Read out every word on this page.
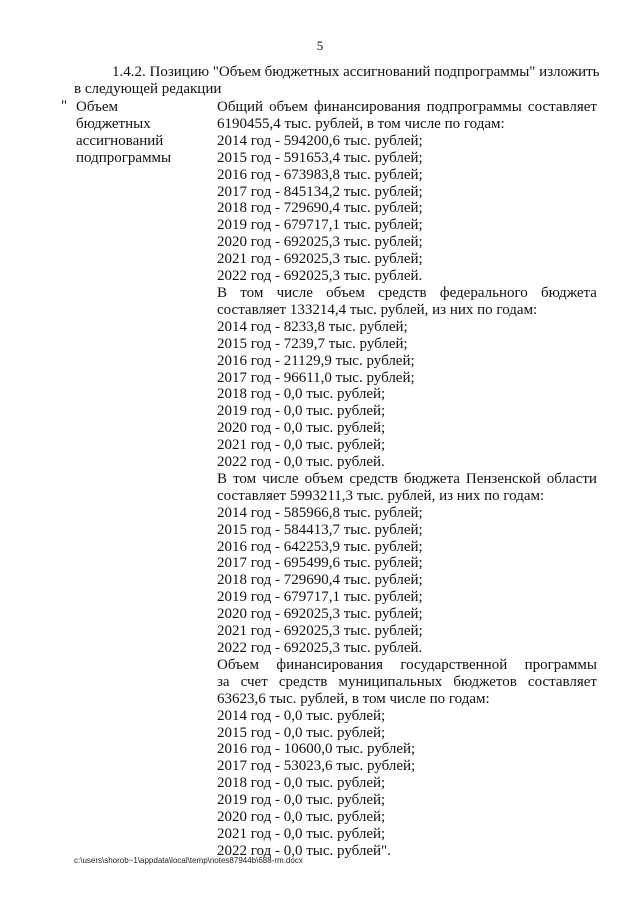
5
1.4.2. Позицию "Объем бюджетных ассигнований подпрограммы" изложить
в следующей редакции
" Объем
бюджетных
ассигнований
подпрограммы
Общий объем финансирования подпрограммы составляет
6190455,4 тыс. рублей, в том числе по годам:
2014 год - 594200,6 тыс. рублей;
2015 год - 591653,4 тыс. рублей;
2016 год - 673983,8 тыс. рублей;
2017 год - 845134,2 тыс. рублей;
2018 год - 729690,4 тыс. рублей;
2019 год - 679717,1 тыс. рублей;
2020 год - 692025,3 тыс. рублей;
2021 год - 692025,3 тыс. рублей;
2022 год - 692025,3 тыс. рублей.
В том числе объем средств федерального бюджета
составляет 133214,4 тыс. рублей, из них по годам:
2014 год - 8233,8 тыс. рублей;
2015 год - 7239,7 тыс. рублей;
2016 год - 21129,9 тыс. рублей;
2017 год - 96611,0 тыс. рублей;
2018 год - 0,0 тыс. рублей;
2019 год - 0,0 тыс. рублей;
2020 год - 0,0 тыс. рублей;
2021 год - 0,0 тыс. рублей;
2022 год - 0,0 тыс. рублей.
В том числе объем средств бюджета Пензенской области
составляет 5993211,3 тыс. рублей, из них по годам:
2014 год - 585966,8 тыс. рублей;
2015 год - 584413,7 тыс. рублей;
2016 год - 642253,9 тыс. рублей;
2017 год - 695499,6 тыс. рублей;
2018 год - 729690,4 тыс. рублей;
2019 год - 679717,1 тыс. рублей;
2020 год - 692025,3 тыс. рублей;
2021 год - 692025,3 тыс. рублей;
2022 год - 692025,3 тыс. рублей.
Объем финансирования государственной программы
за счет средств муниципальных бюджетов составляет
63623,6 тыс. рублей, в том числе по годам:
2014 год - 0,0 тыс. рублей;
2015 год - 0,0 тыс. рублей;
2016 год - 10600,0 тыс. рублей;
2017 год - 53023,6 тыс. рублей;
2018 год - 0,0 тыс. рублей;
2019 год - 0,0 тыс. рублей;
2020 год - 0,0 тыс. рублей;
2021 год - 0,0 тыс. рублей;
2022 год - 0,0 тыс. рублей".
c:\users\shorob~1\appdata\local\temp\notes87944b\688-rm.docx
